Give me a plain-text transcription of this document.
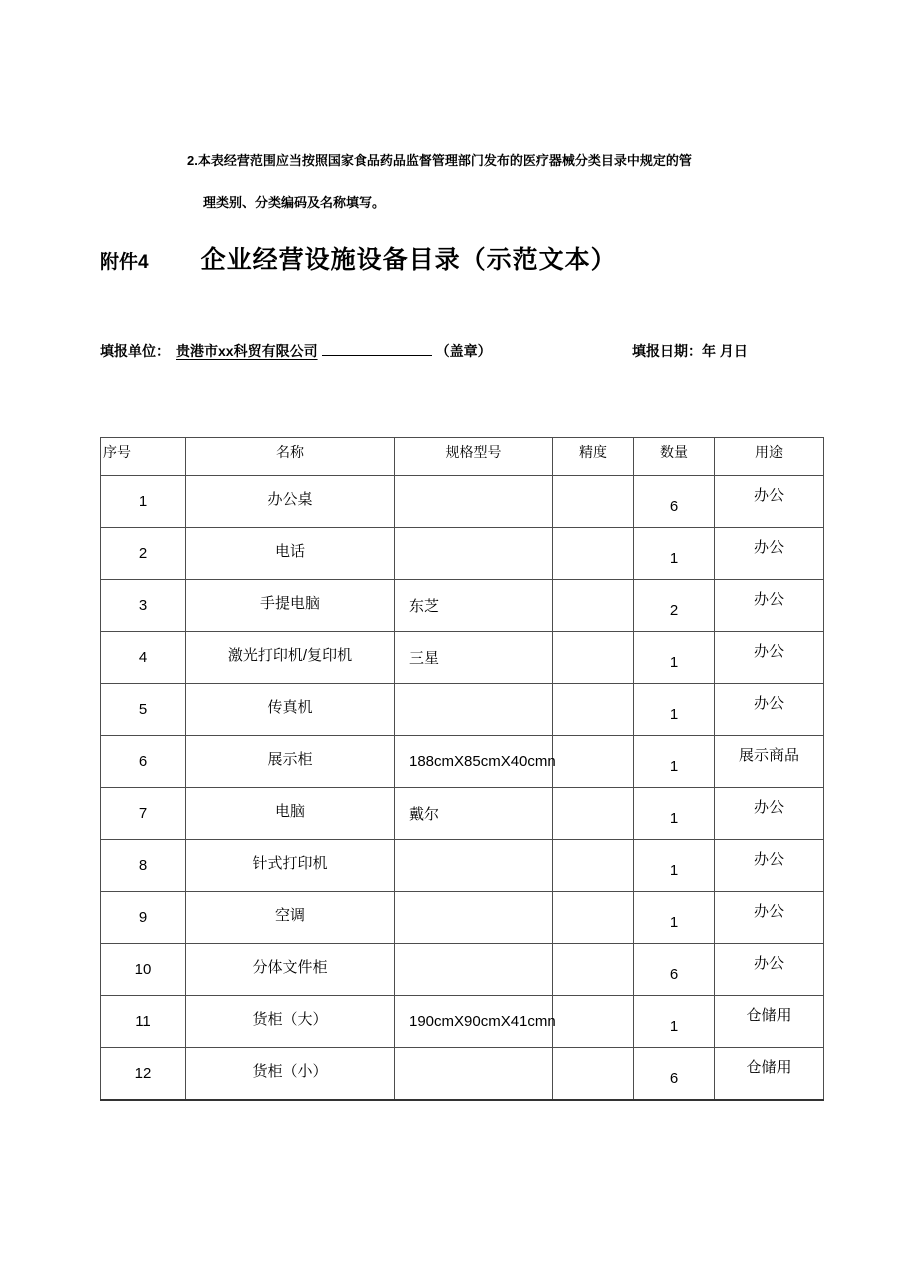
2.本表经营范围应当按照国家食品药品监督管理部门发布的医疗器械分类目录中规定的管
理类别、分类编码及名称填写。
附件4 企业经营设施设备目录（示范文本）
填报单位： 贵港市xx科贸有限公司	（盖章）	填报日期：年 月日
序号	名称	规格型号	精度	数量	用途
1	办公桌			6	办公
2	电话			1	办公
3	手提电脑	东芝		2	办公
4	激光打印机/复印机	三星		1	办公
5	传真机			1	办公
6	展示柜	188cmX85cmX40cmn		1	展示商品
7	电脑	戴尔		1	办公
8	针式打印机			1	办公
9	空调			1	办公
10	分体文件柜			6	办公
11	货柜（大）	190cmX90cmX41cmn		1	仓储用
12	货柜（小）			6	仓储用
